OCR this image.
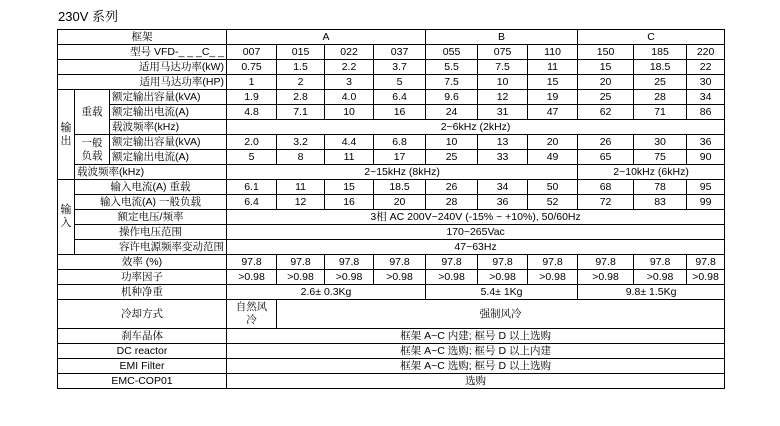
230V 系列
框架			A				B			C		
型号 VFD-_ _ _C_ _			007	015	022	037	055	075	110	150	185	220
适用马达功率(kW)			0.75	1.5	2.2	3.7	5.5	7.5	11	15	18.5	22
适用马达功率(HP)			1	2	3	5	7.5	10	15	20	25	30
输出	重载	额定输出容量(kVA)	1.9	2.8	4.0	6.4	9.6	12	19	25	28	34
		额定输出电流(A)	4.8	7.1	10	16	24	31	47	62	71	86
		载波频率(kHz)	2~6kHz (2kHz)									
	一般负载	额定输出容量(kVA)	2.0	3.2	4.4	6.8	10	13	20	26	30	36
		额定输出电流(A)	5	8	11	17	25	33	49	65	75	90
	载波频率(kHz)		2~15kHz (8kHz)							2~10kHz (6kHz)		
输入	输入电流(A) 重载		6.1	11	15	18.5	26	34	50	68	78	95
	输入电流(A) 一般负载		6.4	12	16	20	28	36	52	72	83	99
	额定电压/频率		3相 AC 200V~240V (-15% ~ +10%), 50/60Hz									
	操作电压范围		170~265Vac									
	容许电源频率变动范围		47~63Hz									
效率 (%)			97.8	97.8	97.8	97.8	97.8	97.8	97.8	97.8	97.8	97.8
功率因子			>0.98	>0.98	>0.98	>0.98	>0.98	>0.98	>0.98	>0.98	>0.98	>0.98
机种净重			2.6± 0.3Kg				5.4± 1Kg			9.8± 1.5Kg		
冷却方式			自然风冷	强制风冷								
刹车晶体			框架 A~C 内建; 框号 D 以上选购									
DC reactor			框架 A~C 选购; 框号 D 以上内建									
EMI Filter			框架 A~C 选购; 框号 D 以上选购									
EMC-COP01			选购									
